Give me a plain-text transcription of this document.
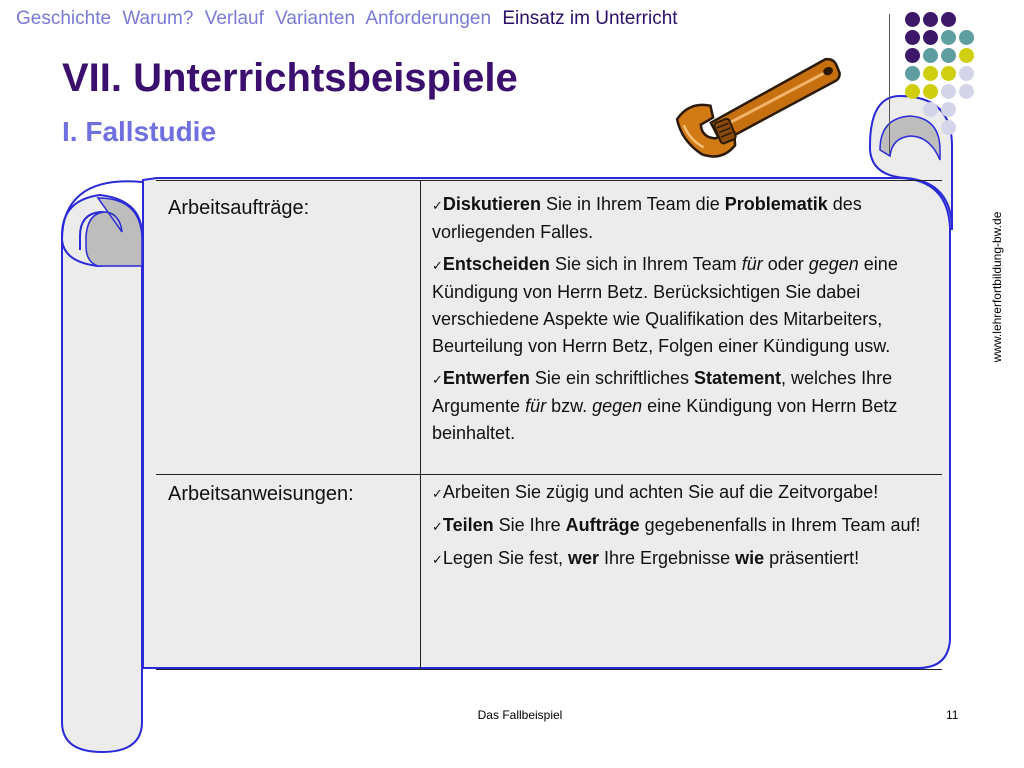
Geschichte Warum? Verlauf Varianten Anforderungen Einsatz im Unterricht
VII. Unterrichtsbeispiele
I. Fallstudie
Arbeitsaufträge:	✓Diskutieren Sie in Ihrem Team die Problematik des vorliegenden Falles.

✓Entscheiden Sie sich in Ihrem Team für oder gegen eine Kündigung von Herrn Betz. Berücksichtigen Sie dabei verschiedene Aspekte wie Qualifikation des Mitarbeiters, Beurteilung von Herrn Betz, Folgen einer Kündigung usw.

✓Entwerfen Sie ein schriftliches Statement, welches Ihre Argumente für bzw. gegen eine Kündigung von Herrn Betz beinhaltet.

Arbeitsanweisungen:	✓Arbeiten Sie zügig und achten Sie auf die Zeitvorgabe!

✓Teilen Sie Ihre Aufträge gegebenenfalls in Ihrem Team auf!

✓Legen Sie fest, wer Ihre Ergebnisse wie präsentiert!

www.lehrerfortbildung-bw.de
Das Fallbeispiel	11
